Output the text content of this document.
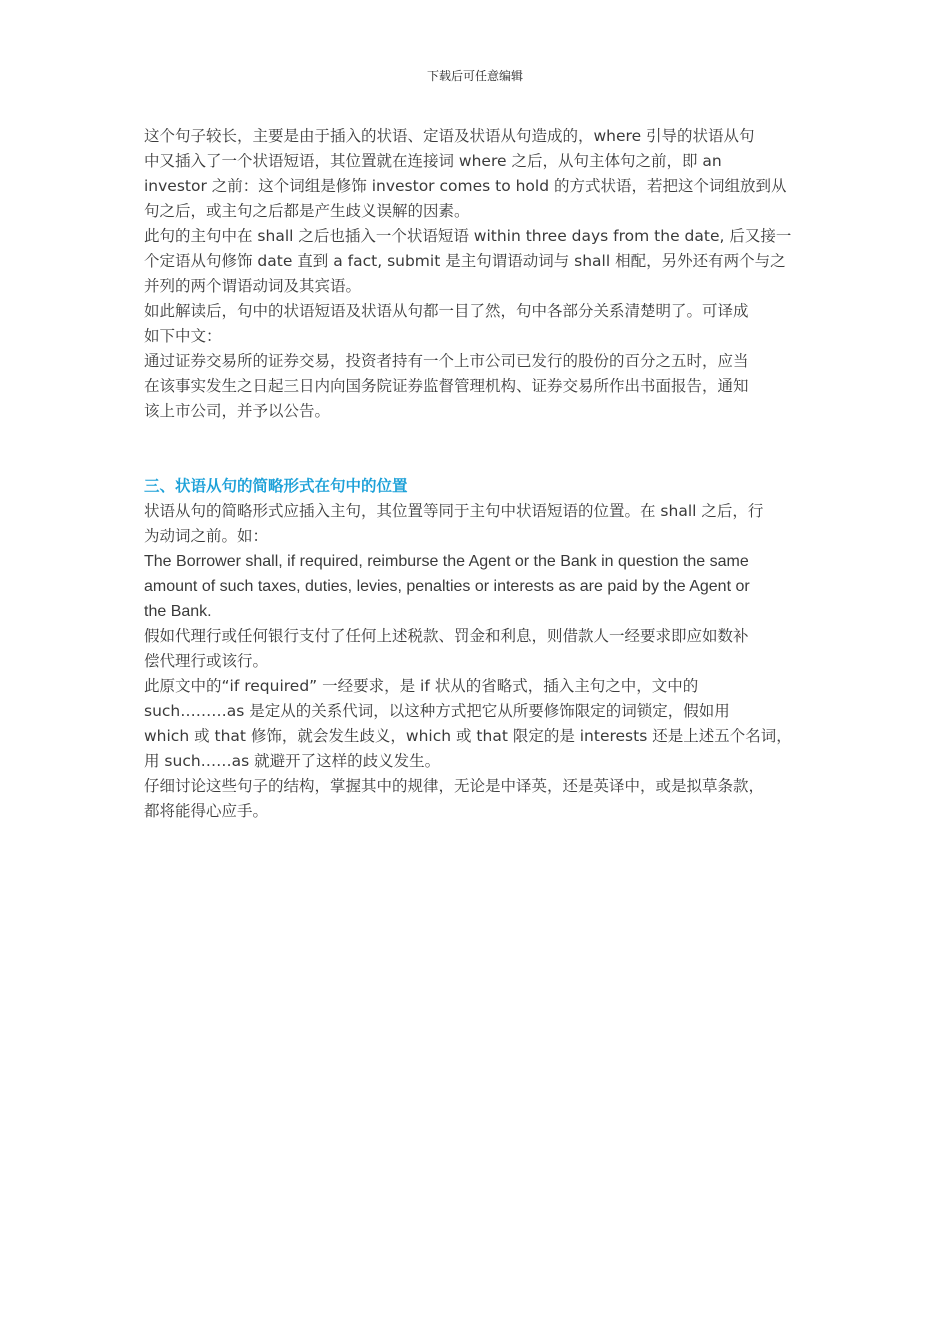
下载后可任意编辑

这个句子较长，主要是由于插入的状语、定语及状语从句造成的，where 引导的状语从句
中又插入了一个状语短语，其位置就在连接词 where 之后，从句主体句之前，即 an
investor 之前：这个词组是修饰 investor comes to hold 的方式状语，若把这个词组放到从
句之后，或主句之后都是产生歧义误解的因素。

此句的主句中在 shall 之后也插入一个状语短语 within three days from the date, 后又接一
个定语从句修饰 date 直到 a fact, submit 是主句谓语动词与 shall 相配，另外还有两个与之
并列的两个谓语动词及其宾语。

如此解读后，句中的状语短语及状语从句都一目了然，句中各部分关系清楚明了。可译成
如下中文：

通过证券交易所的证券交易，投资者持有一个上市公司已发行的股份的百分之五时，应当
在该事实发生之日起三日内向国务院证券监督管理机构、证券交易所作出书面报告，通知
该上市公司，并予以公告。

三、状语从句的简略形式在句中的位置

状语从句的简略形式应插入主句，其位置等同于主句中状语短语的位置。在 shall 之后，行
为动词之前。如：

The Borrower shall, if required, reimburse the Agent or the Bank in question the same
amount of such taxes, duties, levies, penalties or interests as are paid by the Agent or
the Bank.

假如代理行或任何银行支付了任何上述税款、罚金和利息，则借款人一经要求即应如数补
偿代理行或该行。

此原文中的“if required” 一经要求，是 if 状从的省略式，插入主句之中，文中的
such………as 是定从的关系代词，以这种方式把它从所要修饰限定的词锁定，假如用
which 或 that 修饰，就会发生歧义，which 或 that 限定的是 interests 还是上述五个名词，
用 such……as 就避开了这样的歧义发生。

仔细讨论这些句子的结构，掌握其中的规律，无论是中译英，还是英译中，或是拟草条款，
都将能得心应手。
